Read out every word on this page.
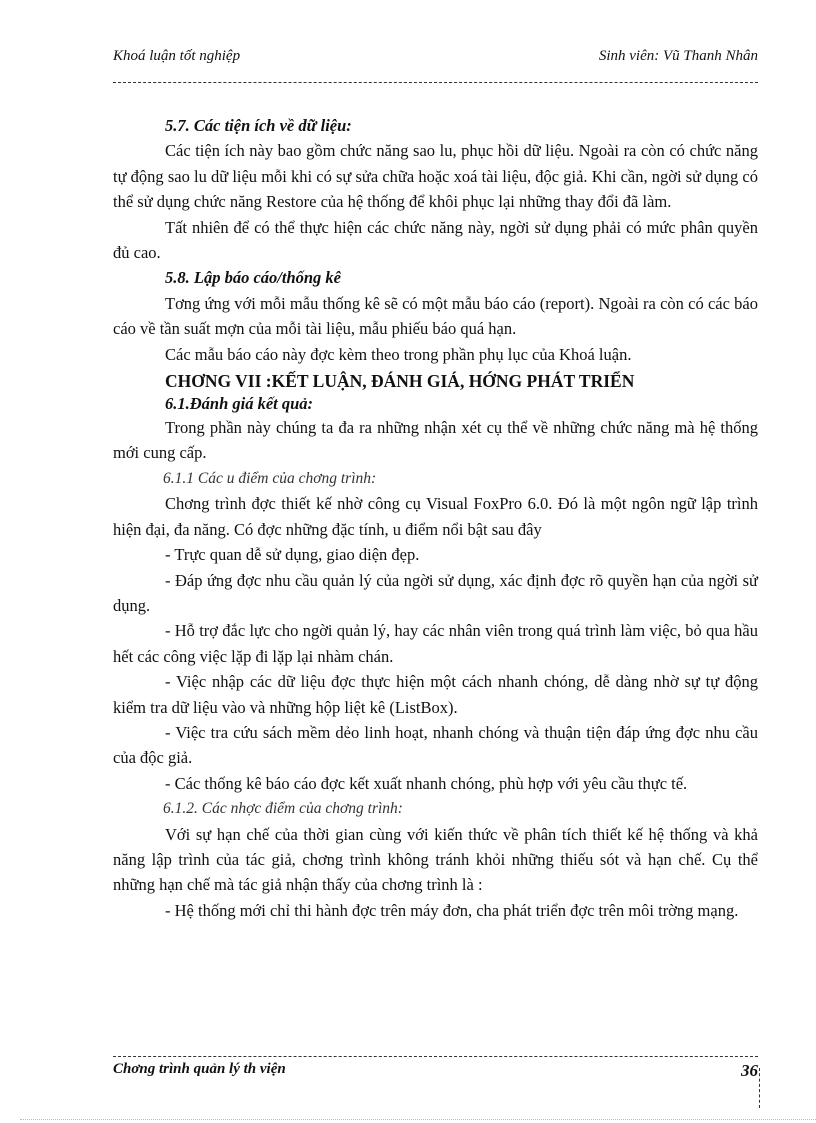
Khoá luận tốt nghiệp	Sinh viên: Vũ Thanh Nhân

5.7. Các tiện ích về dữ liệu:

Các tiện ích này bao gồm chức năng sao lu, phục hồi dữ liệu. Ngoài ra còn có chức năng tự động sao lu dữ liệu mỗi khi có sự sửa chữa hoặc xoá tài liệu, độc giả. Khi cần, ngời sử dụng có thể sử dụng chức năng Restore của hệ thống để khôi phục lại những thay đổi đã làm.

Tất nhiên để có thể thực hiện các chức năng này, ngời sử dụng phải có mức phân quyền đủ cao.

5.8. Lập báo cáo/thống kê

Tơng ứng với mỗi mẫu thống kê sẽ có một mẫu báo cáo (report). Ngoài ra còn có các báo cáo về tần suất mợn của mỗi tài liệu, mẫu phiếu báo quá hạn.

Các mẫu báo cáo này đợc kèm theo trong phần phụ lục của Khoá luận.

CHƠNG VII :KẾT LUẬN, ĐÁNH GIÁ, HỚNG PHÁT TRIỂN

6.1.Đánh giá kết quả:

Trong phần này chúng ta đa ra những nhận xét cụ thể về những chức năng mà hệ thống mới cung cấp.

6.1.1 Các u điểm của chơng trình:

Chơng trình đợc thiết kế nhờ công cụ Visual FoxPro 6.0. Đó là một ngôn ngữ lập trình hiện đại, đa năng. Có đợc những đặc tính, u điểm nổi bật sau đây

- Trực quan dễ sử dụng, giao diện đẹp.

- Đáp ứng đợc nhu cầu quản lý của ngời sử dụng, xác định đợc rõ quyền hạn của ngời sử dụng.

- Hỗ trợ đắc lực cho ngời quản lý, hay các nhân viên trong quá trình làm việc, bỏ qua hầu hết các công việc lặp đi lặp lại nhàm chán.

- Việc nhập các dữ liệu đợc thực hiện một cách nhanh chóng, dễ dàng nhờ sự tự động kiểm tra dữ liệu vào và những hộp liệt kê (ListBox).

- Việc tra cứu sách mềm dẻo linh hoạt, nhanh chóng và thuận tiện đáp ứng đợc nhu cầu của độc giả.

- Các thống kê báo cáo đợc kết xuất nhanh chóng, phù hợp với yêu cầu thực tế.

6.1.2. Các nhợc điểm của chơng trình:

Với sự hạn chế của thời gian cùng với kiến thức về phân tích thiết kế hệ thống và khả năng lập trình của tác giả, chơng trình không tránh khỏi những thiếu sót và hạn chế. Cụ thể những hạn chế mà tác giả nhận thấy của chơng trình là :

- Hệ thống mới chỉ thi hành đợc trên máy đơn, cha phát triển đợc trên môi trờng mạng.

Chơng trình quản lý th viện	36
